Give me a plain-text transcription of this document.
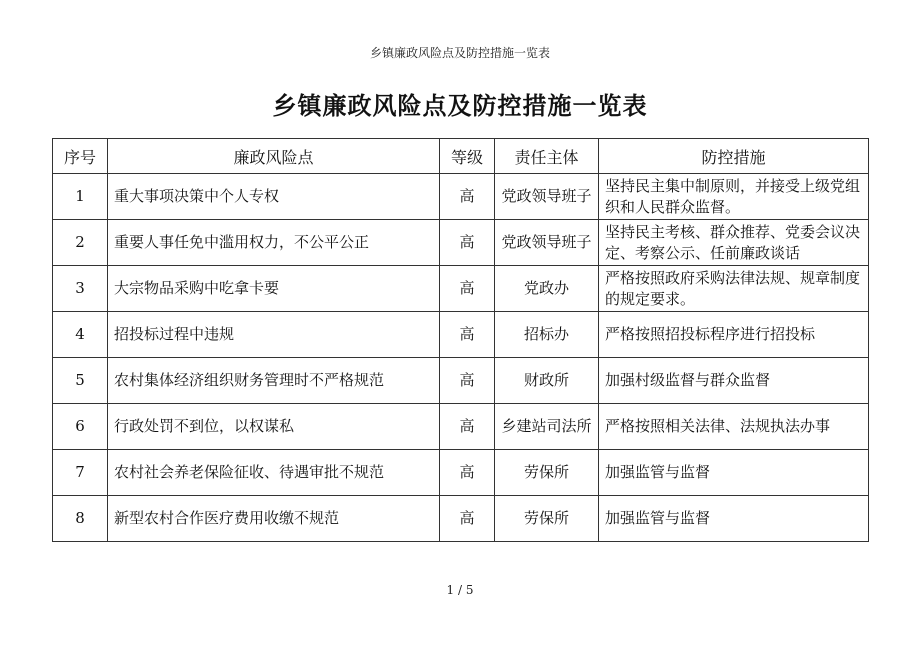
乡镇廉政风险点及防控措施一览表
乡镇廉政风险点及防控措施一览表
序号	廉政风险点	等级	责任主体	防控措施
1	重大事项决策中个人专权	高	党政领导班子	坚持民主集中制原则，并接受上级党组织和人民群众监督。
2	重要人事任免中滥用权力，不公平公正	高	党政领导班子	坚持民主考核、群众推荐、党委会议决定、考察公示、任前廉政谈话
3	大宗物品采购中吃拿卡要	高	党政办	严格按照政府采购法律法规、规章制度的规定要求。
4	招投标过程中违规	高	招标办	严格按照招投标程序进行招投标
5	农村集体经济组织财务管理时不严格规范	高	财政所	加强村级监督与群众监督
6	行政处罚不到位，以权谋私	高	乡建站司法所	严格按照相关法律、法规执法办事
7	农村社会养老保险征收、待遇审批不规范	高	劳保所	加强监管与监督
8	新型农村合作医疗费用收缴不规范	高	劳保所	加强监管与监督
1 / 5
